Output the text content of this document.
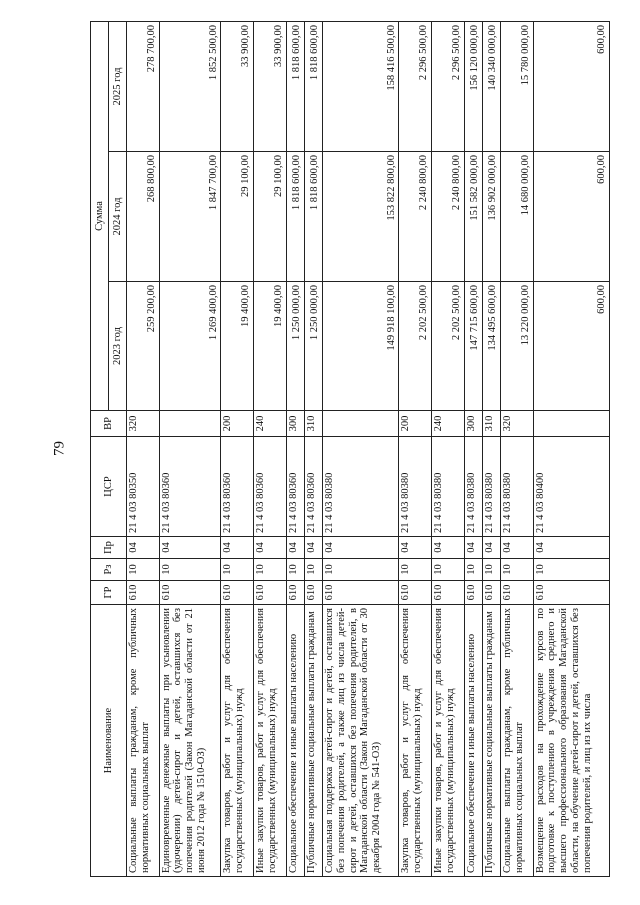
79
Наименование	ГР	Рз	Пр	ЦСР	ВР	Сумма		
						2023 год	2024 год	2025 год
Социальные выплаты гражданам, кроме публичных нормативных социальных выплат	610	10	04	21 4 03 80350	320	259 200,00	268 800,00	278 700,00
Единовременные денежные выплаты при усыновлении (удочерении) детей-сирот и детей, оставшихся без попечения родителей (Закон Магаданской области от 21 июня 2012 года № 1510-ОЗ)	610	10	04	21 4 03 80360		1 269 400,00	1 847 700,00	1 852 500,00
Закупка товаров, работ и услуг для обеспечения государственных (муниципальных) нужд	610	10	04	21 4 03 80360	200	19 400,00	29 100,00	33 900,00
Иные закупки товаров, работ и услуг для обеспечения государственных (муниципальных) нужд	610	10	04	21 4 03 80360	240	19 400,00	29 100,00	33 900,00
Социальное обеспечение и иные выплаты населению	610	10	04	21 4 03 80360	300	1 250 000,00	1 818 600,00	1 818 600,00
Публичные нормативные социальные выплаты гражданам	610	10	04	21 4 03 80360	310	1 250 000,00	1 818 600,00	1 818 600,00
Социальная поддержка детей-сирот и детей, оставшихся без попечения родителей, а также лиц из числа детей-сирот и детей, оставшихся без попечения родителей, в Магаданской области (Закон Магаданской области от 30 декабря 2004 года № 541-ОЗ)	610	10	04	21 4 03 80380		149 918 100,00	153 822 800,00	158 416 500,00
Закупка товаров, работ и услуг для обеспечения государственных (муниципальных) нужд	610	10	04	21 4 03 80380	200	2 202 500,00	2 240 800,00	2 296 500,00
Иные закупки товаров, работ и услуг для обеспечения государственных (муниципальных) нужд	610	10	04	21 4 03 80380	240	2 202 500,00	2 240 800,00	2 296 500,00
Социальное обеспечение и иные выплаты населению	610	10	04	21 4 03 80380	300	147 715 600,00	151 582 000,00	156 120 000,00
Публичные нормативные социальные выплаты гражданам	610	10	04	21 4 03 80380	310	134 495 600,00	136 902 000,00	140 340 000,00
Социальные выплаты гражданам, кроме публичных нормативных социальных выплат	610	10	04	21 4 03 80380	320	13 220 000,00	14 680 000,00	15 780 000,00
Возмещение расходов на прохождение курсов по подготовке к поступлению в учреждения среднего и высшего профессионального образования Магаданской области, на обучение детей-сирот и детей, оставшихся без попечения родителей, и лиц из их числа	610	10	04	21 4 03 80400		600,00	600,00	600,00
